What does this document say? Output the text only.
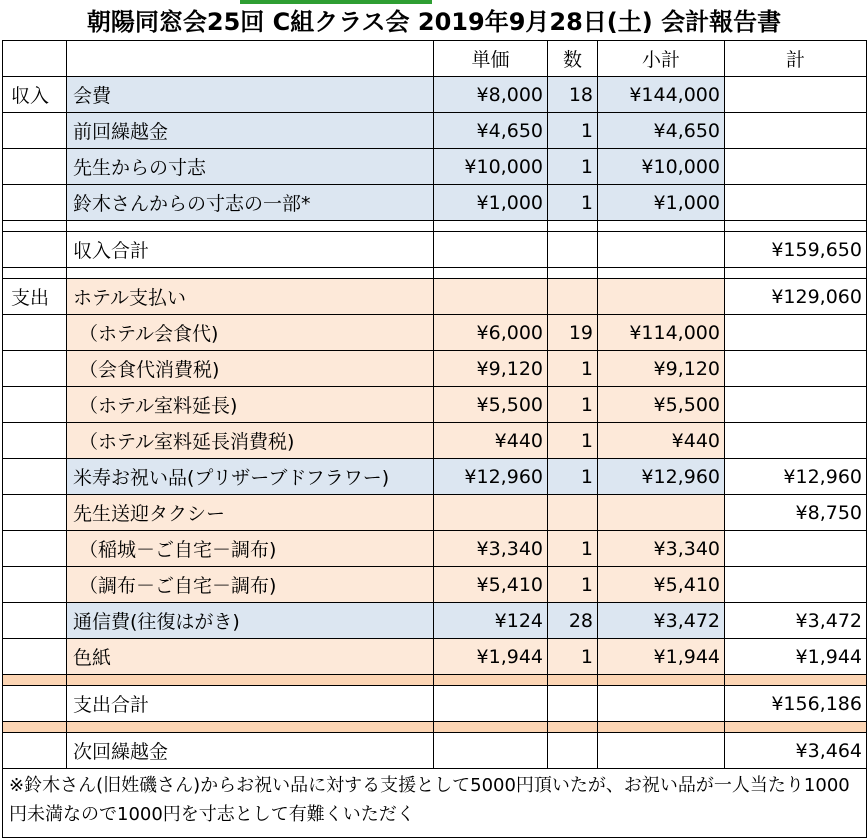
朝陽同窓会25回 C組クラス会 2019年9月28日(土) 会計報告書
		単価	数	小計	計
収入	会費	¥8,000	18	¥144,000	
	前回繰越金	¥4,650	1	¥4,650	
	先生からの寸志	¥10,000	1	¥10,000	
	鈴木さんからの寸志の一部*	¥1,000	1	¥1,000	

	収入合計				¥159,650

支出	ホテル支払い				¥129,060
	（ホテル会食代)	¥6,000	19	¥114,000	
	（会食代消費税)	¥9,120	1	¥9,120	
	（ホテル室料延長)	¥5,500	1	¥5,500	
	（ホテル室料延長消費税)	¥440	1	¥440	
	米寿お祝い品(プリザーブドフラワー)	¥12,960	1	¥12,960	¥12,960
	先生送迎タクシー				¥8,750
	（稲城－ご自宅－調布)	¥3,340	1	¥3,340	
	（調布－ご自宅－調布)	¥5,410	1	¥5,410	
	通信費(往復はがき)	¥124	28	¥3,472	¥3,472
	色紙	¥1,944	1	¥1,944	¥1,944

	支出合計				¥156,186

	次回繰越金				¥3,464
※鈴木さん(旧姓磯さん)からお祝い品に対する支援として5000円頂いたが、お祝い品が一人当たり1000円未満なので1000円を寸志として有難くいただく					
